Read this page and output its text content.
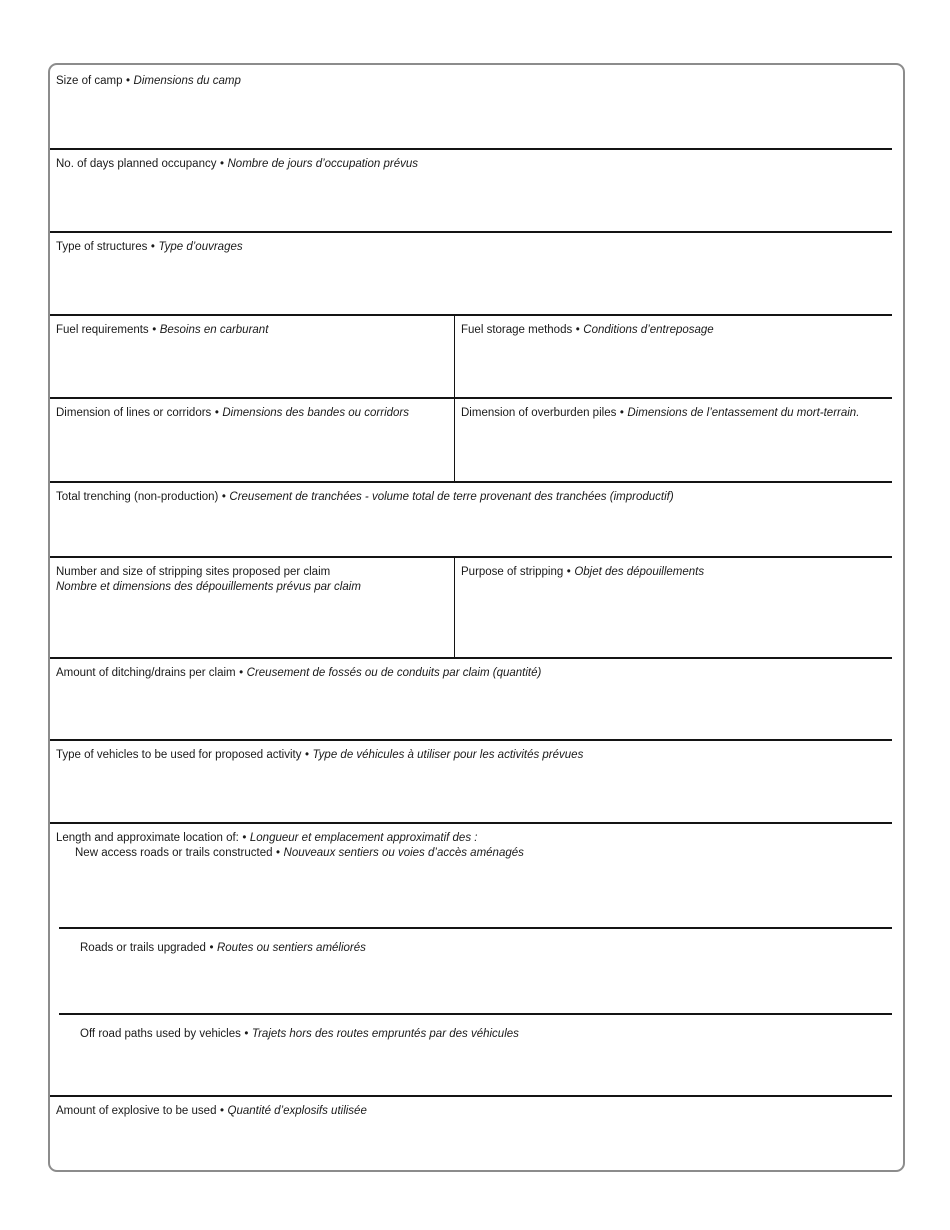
Size of camp • Dimensions du camp
No. of days planned occupancy • Nombre de jours d’occupation prévus
Type of structures • Type d’ouvrages
Fuel requirements • Besoins en carburant	Fuel storage methods • Conditions d’entreposage
Dimension of lines or corridors • Dimensions des bandes ou corridors	Dimension of overburden piles • Dimensions de l’entassement du mort-terrain.
Total trenching (non-production) • Creusement de tranchées - volume total de terre provenant des tranchées (improductif)
Number and size of stripping sites proposed per claim
Nombre et dimensions des dépouillements prévus par claim
Purpose of stripping • Objet des dépouillements
Amount of ditching/drains per claim • Creusement de fossés ou de conduits par claim (quantité)
Type of vehicles to be used for proposed activity • Type de véhicules à utiliser pour les activités prévues
Length and approximate location of: • Longueur et emplacement approximatif des :
New access roads or trails constructed • Nouveaux sentiers ou voies d’accès aménagés
Roads or trails upgraded • Routes ou sentiers améliorés
Off road paths used by vehicles • Trajets hors des routes empruntés par des véhicules
Amount of explosive to be used • Quantité d’explosifs utilisée
